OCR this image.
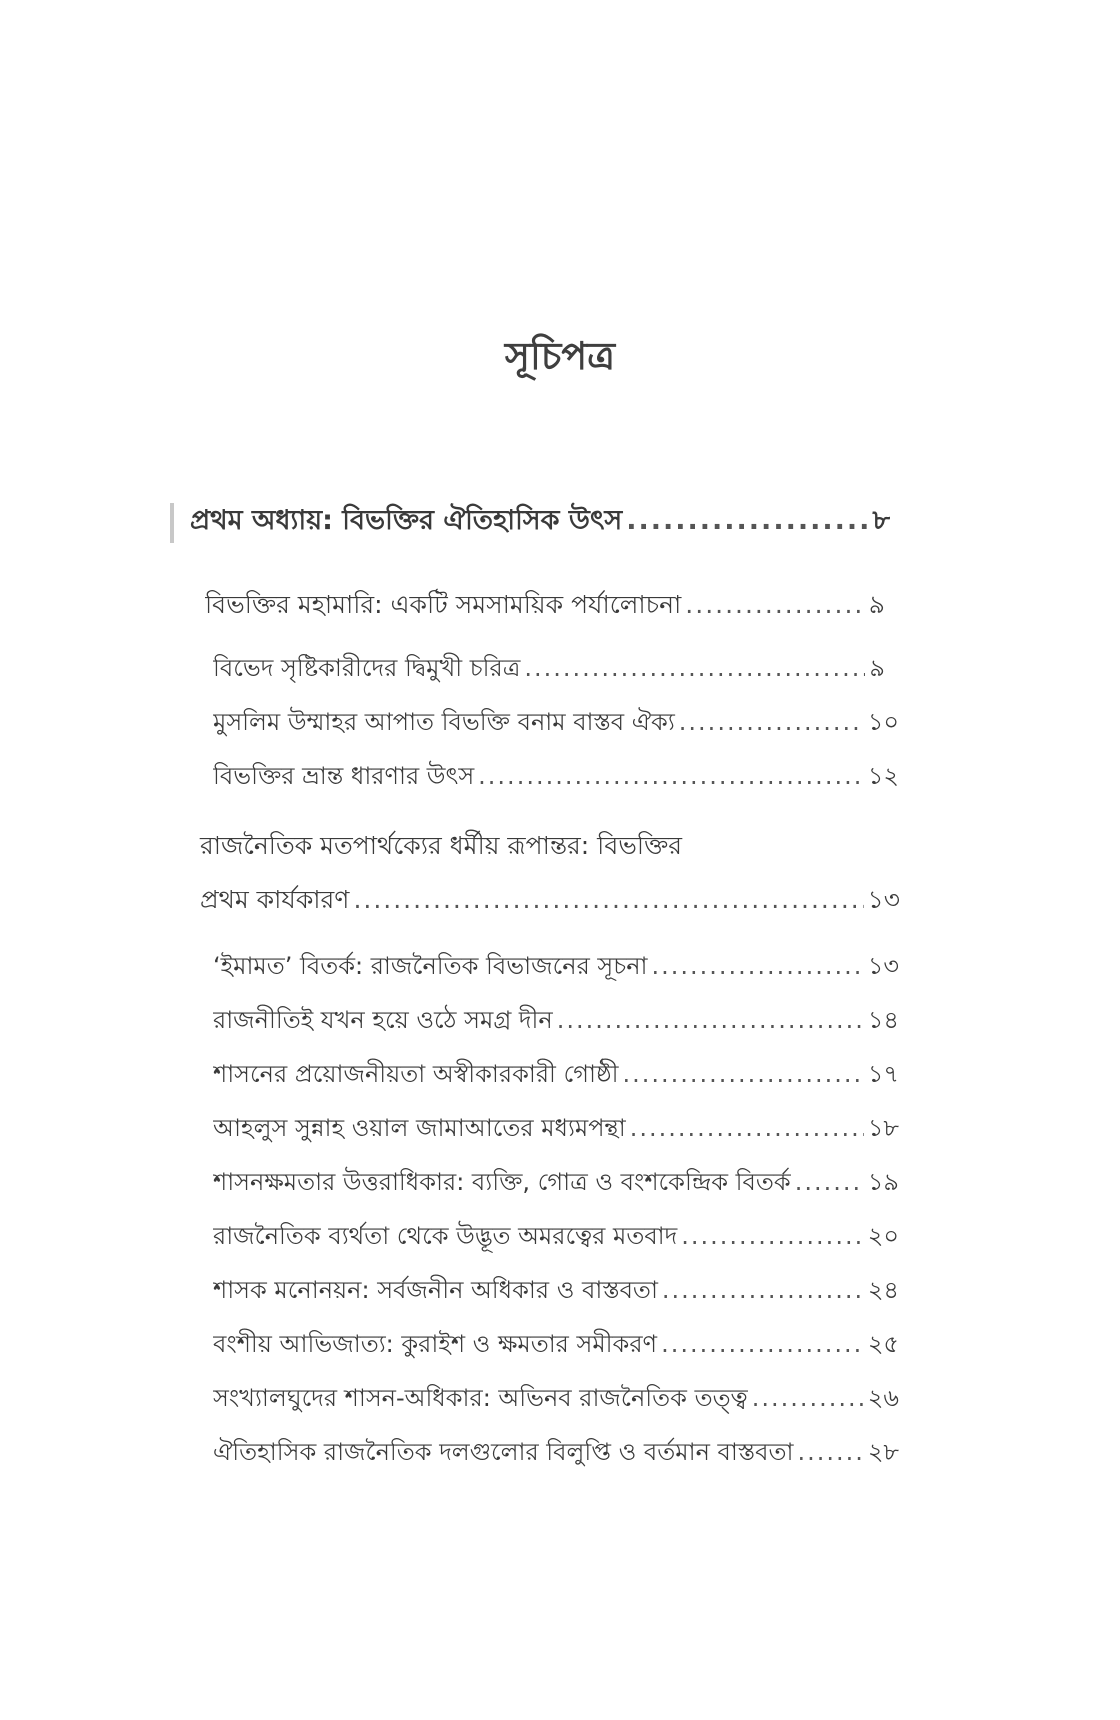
সূচিপত্র
প্রথম অধ্যায়: বিভক্তির ঐতিহাসিক উৎস .....	৮
বিভক্তির মহামারি: একটি সমসাময়িক পর্যালোচনা .....	৯
বিভেদ সৃষ্টিকারীদের দ্বিমুখী চরিত্র .....	৯
মুসলিম উম্মাহর আপাত বিভক্তি বনাম বাস্তব ঐক্য .....	১০
বিভক্তির ভ্রান্ত ধারণার উৎস .....	১২
রাজনৈতিক মতপার্থক্যের ধর্মীয় রূপান্তর: বিভক্তির
প্রথম কার্যকারণ .....	১৩
‘ইমামত’ বিতর্ক: রাজনৈতিক বিভাজনের সূচনা .....	১৩
রাজনীতিই যখন হয়ে ওঠে সমগ্র দীন .....	১৪
শাসনের প্রয়োজনীয়তা অস্বীকারকারী গোষ্ঠী .....	১৭
আহলুস সুন্নাহ ওয়াল জামাআতের মধ্যমপন্থা .....	১৮
শাসনক্ষমতার উত্তরাধিকার: ব্যক্তি, গোত্র ও বংশকেন্দ্রিক বিতর্ক .....	১৯
রাজনৈতিক ব্যর্থতা থেকে উদ্ভূত অমরত্বের মতবাদ .....	২০
শাসক মনোনয়ন: সর্বজনীন অধিকার ও বাস্তবতা .....	২৪
বংশীয় আভিজাত্য: কুরাইশ ও ক্ষমতার সমীকরণ .....	২৫
সংখ্যালঘুদের শাসন-অধিকার: অভিনব রাজনৈতিক তত্ত্ব .....	২৬
ঐতিহাসিক রাজনৈতিক দলগুলোর বিলুপ্তি ও বর্তমান বাস্তবতা .....	২৮
